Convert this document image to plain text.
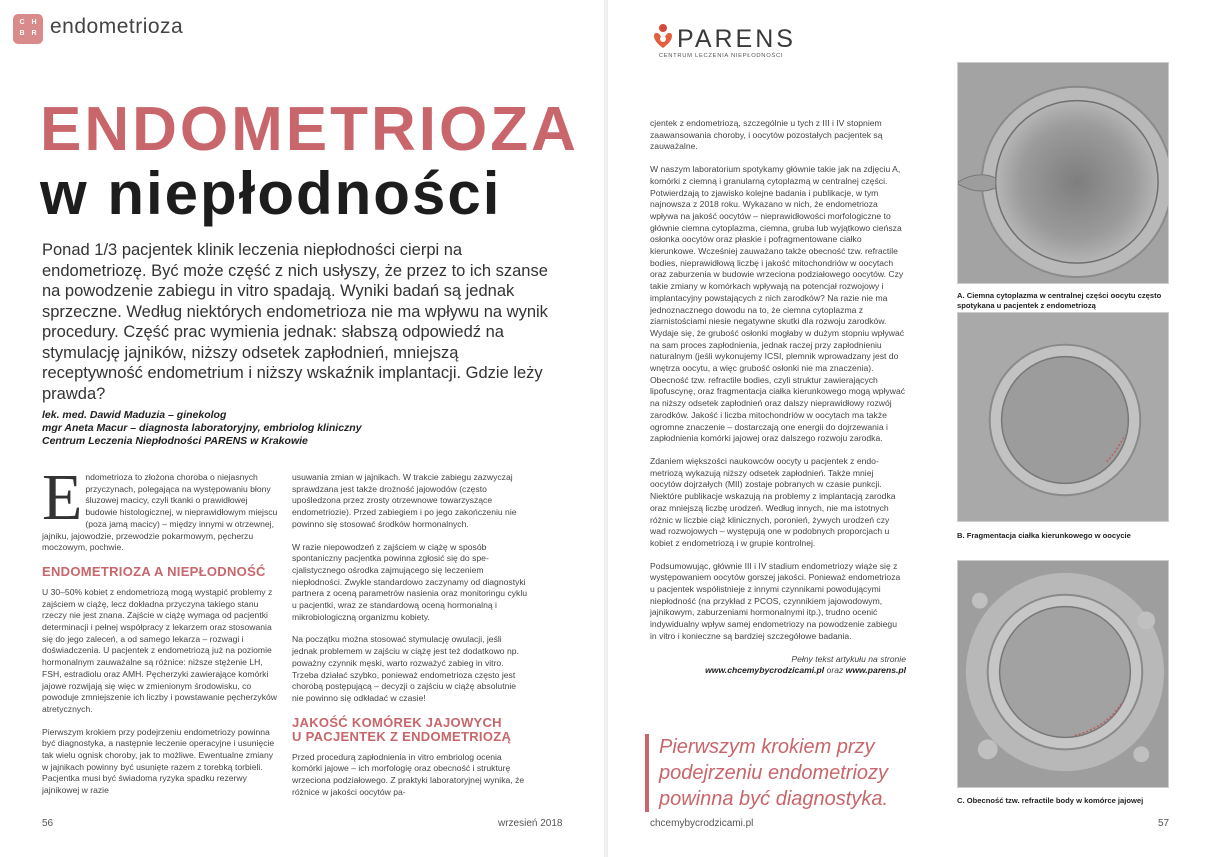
C H
B R endometrioza
ENDOMETRIOZA
w niepłodności
Ponad 1/3 pacjentek klinik leczenia niepłodności cierpi na endometriozę. Być może część z nich usłyszy, że przez to ich szanse na powodzenie zabiegu in vitro spadają. Wyniki badań są jednak sprzeczne. Według niektórych endometrioza nie ma wpływu na wynik procedury. Część prac wymienia jednak: słabszą odpowiedź na stymulację jajników, niższy odsetek zapłodnień, mniejszą receptywność endometrium i niższy wskaźnik implantacji. Gdzie leży prawda?
lek. med. Dawid Maduzia – ginekolog
mgr Aneta Macur – diagnosta laboratoryjny, embriolog kliniczny
Centrum Leczenia Niepłodności PARENS w Krakowie

Endometrioza to złożona choroba o niejasnych przyczynach, polegająca na występowaniu błony śluzowej macicy, czyli tkanki o prawidłowej budowie histologicznej, w nieprawidłowym miejscu (poza jamą macicy) – między innymi w otrzewnej, jajniku, jajowodzie, przewodzie pokarmowym, pęcherzu moczowym, pochwie.

ENDOMETRIOZA A NIEPŁODNOŚĆ

U 30–50% kobiet z endometriozą mogą wystąpić problemy z zajściem w ciążę, lecz dokładna przyczyna takiego stanu rzeczy nie jest znana. Zajście w ciążę wymaga od pacjentki determinacji i pełnej współpracy z lekarzem oraz stosowania się do jego zaleceń, a od samego lekarza – rozwagi i doświadczenia. U pacjentek z endometriozą już na poziomie hormonalnym zauważalne są różnice: niższe stężenie LH, FSH, estradiolu oraz AMH. Pęcherzyki zawierające komórki jajowe rozwijają się więc w zmienionym środowisku, co powoduje zmniejszenie ich liczby i powstawanie pęcherzyków atretycznych.

Pierwszym krokiem przy podejrzeniu endometriozy powinna być diagnostyka, a następnie leczenie operacyjne i usunięcie tak wielu ognisk choroby, jak to możliwe. Ewentualne zmiany w jajnikach powinny być usunięte razem z torebką torbieli. Pacjentka musi być świadoma ryzyka spadku rezerwy jajnikowej w razie

usuwania zmian w jajnikach. W trakcie zabiegu zazwyczaj sprawdzana jest także drożność jajowodów (często upośledzona przez zrosty otrzewnowe towarzyszące endometriozie). Przed zabiegiem i po jego zakończeniu nie powinno się stosować środków hormonalnych.

W razie niepowodzeń z zajściem w ciążę w sposób spontaniczny pacjentka powinna zgłosić się do specjalistycznego ośrodka zajmującego się leczeniem niepłodności. Zwykle standardowo zaczynamy od diagnostyki partnera z oceną parametrów nasienia oraz monitoringu cyklu u pacjentki, wraz ze standardową oceną hormonalną i mikrobiologiczną organizmu kobiety.

Na początku można stosować stymulację owulacji, jeśli jednak problemem w zajściu w ciążę jest też dodatkowo np. poważny czynnik męski, warto rozważyć zabieg in vitro. Trzeba działać szybko, ponieważ endometrioza często jest chorobą postępującą – decyzji o zajściu w ciążę absolutnie nie powinno się odkładać w czasie!

JAKOŚĆ KOMÓREK JAJOWYCH
U PACJENTEK Z ENDOMETRIOZĄ

Przed procedurą zapłodnienia in vitro embriolog ocenia komórki jajowe – ich morfologię oraz obecność i strukturę wrzeciona podziałowego. Z praktyki laboratoryjnej wynika, że różnice w jakości oocytów pa-

56	wrzesień 2018
PARENS
CENTRUM LECZENIA NIEPŁODNOŚCI

cjentek z endometriozą, szczególnie u tych z III i IV stopniem zaawansowania choroby, i oocytów pozostałych pacjentek są zauważalne.

W naszym laboratorium spotykamy głównie takie jak na zdjęciu A, komórki z ciemną i granularną cytoplazmą w centralnej części. Potwierdzają to zjawisko kolejne badania i publikacje, w tym najnowsza z 2018 roku. Wykazano w nich, że endometrioza wpływa na jakość oocytów – nieprawidłowości morfologiczne to głównie ciemna cytoplazma, ciemna, gruba lub wyjątkowo cieńsza osłonka oocytów oraz płaskie i pofragmentowane ciałko kierunkowe. Wcześniej zauważano także obecność tzw. refractile bodies, nieprawidłową liczbę i jakość mitochondriów w oocytach oraz zaburzenia w budowie wrzeciona podziałowego oocytów. Czy takie zmiany w komórkach wpływają na potencjał rozwojowy i implantacyjny powstających z nich zarodków? Na razie nie ma jednoznacznego dowodu na to, że ciemna cytoplazma z ziarnistościami niesie negatywne skutki dla rozwoju zarodków. Wydaje się, że grubość osłonki mogłaby w dużym stopniu wpływać na sam proces zapłodnienia, jednak raczej przy zapłodnieniu naturalnym (jeśli wykonujemy ICSI, plemnik wprowadzany jest do wnętrza oocytu, a więc grubość osłonki nie ma znaczenia). Obecność tzw. refractile bodies, czyli struktur zawierających lipofuscynę, oraz fragmentacja ciałka kierunkowego mogą wpływać na niższy odsetek zapłodnień oraz dalszy nieprawidłowy rozwój zarodków. Jakość i liczba mitochondriów w oocytach ma także ogromne znaczenie – dostarczają one energii do dojrzewania i zapłodnienia komórki jajowej oraz dalszego rozwoju zarodka.

Zdaniem większości naukowców oocyty u pacjentek z endometriozą wykazują niższy odsetek zapłodnień. Także mniej oocytów dojrzałych (MII) zostaje pobranych w czasie punkcji. Niektóre publikacje wskazują na problemy z implantacją zarodka oraz mniejszą liczbę urodzeń. Według innych, nie ma istotnych różnic w liczbie ciąż klinicznych, poronień, żywych urodzeń czy wad rozwojowych – występują one w podobnych proporcjach u kobiet z endometriozą i w grupie kontrolnej.

Podsumowując, głównie III i IV stadium endometriozy wiąże się z występowaniem oocytów gorszej jakości. Ponieważ endometrioza u pacjentek współistnieje z innymi czynnikami powodującymi niepłodność (na przykład z PCOS, czynnikiem jajowodowym, jajnikowym, zaburzeniami hormonalnymi itp.), trudno ocenić indywidualny wpływ samej endometriozy na powodzenie zabiegu in vitro i konieczne są bardziej szczegółowe badania.

Pełny tekst artykułu na stronie
www.chcemybycrodzicami.pl oraz www.parens.pl
Pierwszym krokiem przy podejrzeniu endometriozy powinna być diagnostyka.
A. Ciemna cytoplazma w centralnej części oocytu często spotykana u pacjentek z endometriozą
B. Fragmentacja ciałka kierunkowego w oocycie
C. Obecność tzw. refractile body w komórce jajowej
chcemybycrodzicami.pl	57
